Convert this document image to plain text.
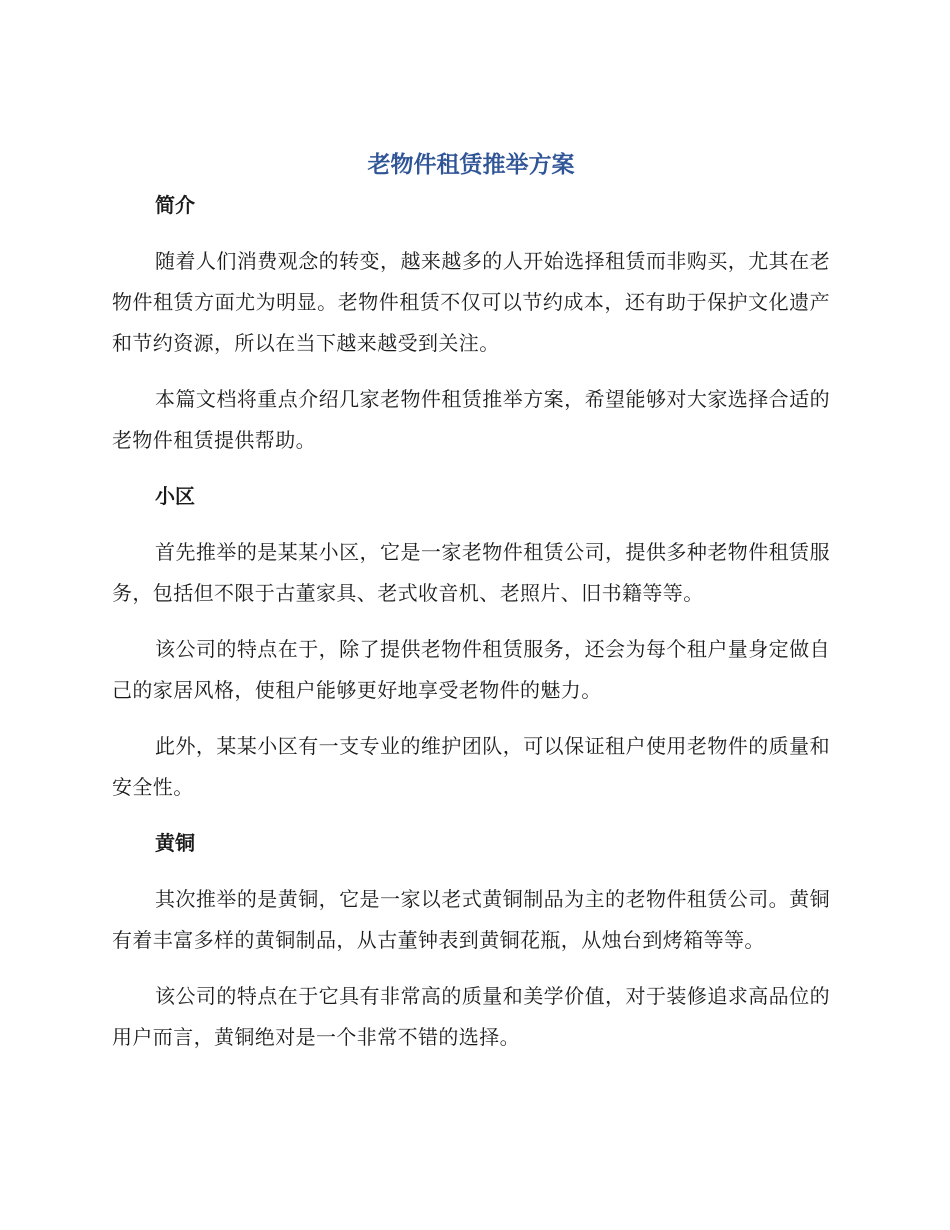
老物件租赁推举方案
简介

随着人们消费观念的转变，越来越多的人开始选择租赁而非购买，尤其在老物件租赁方面尤为明显。老物件租赁不仅可以节约成本，还有助于保护文化遗产和节约资源，所以在当下越来越受到关注。

本篇文档将重点介绍几家老物件租赁推举方案，希望能够对大家选择合适的老物件租赁提供帮助。

小区

首先推举的是某某小区，它是一家老物件租赁公司，提供多种老物件租赁服务，包括但不限于古董家具、老式收音机、老照片、旧书籍等等。

该公司的特点在于，除了提供老物件租赁服务，还会为每个租户量身定做自己的家居风格，使租户能够更好地享受老物件的魅力。

此外，某某小区有一支专业的维护团队，可以保证租户使用老物件的质量和安全性。

黄铜

其次推举的是黄铜，它是一家以老式黄铜制品为主的老物件租赁公司。黄铜有着丰富多样的黄铜制品，从古董钟表到黄铜花瓶，从烛台到烤箱等等。

该公司的特点在于它具有非常高的质量和美学价值，对于装修追求高品位的用户而言，黄铜绝对是一个非常不错的选择。
